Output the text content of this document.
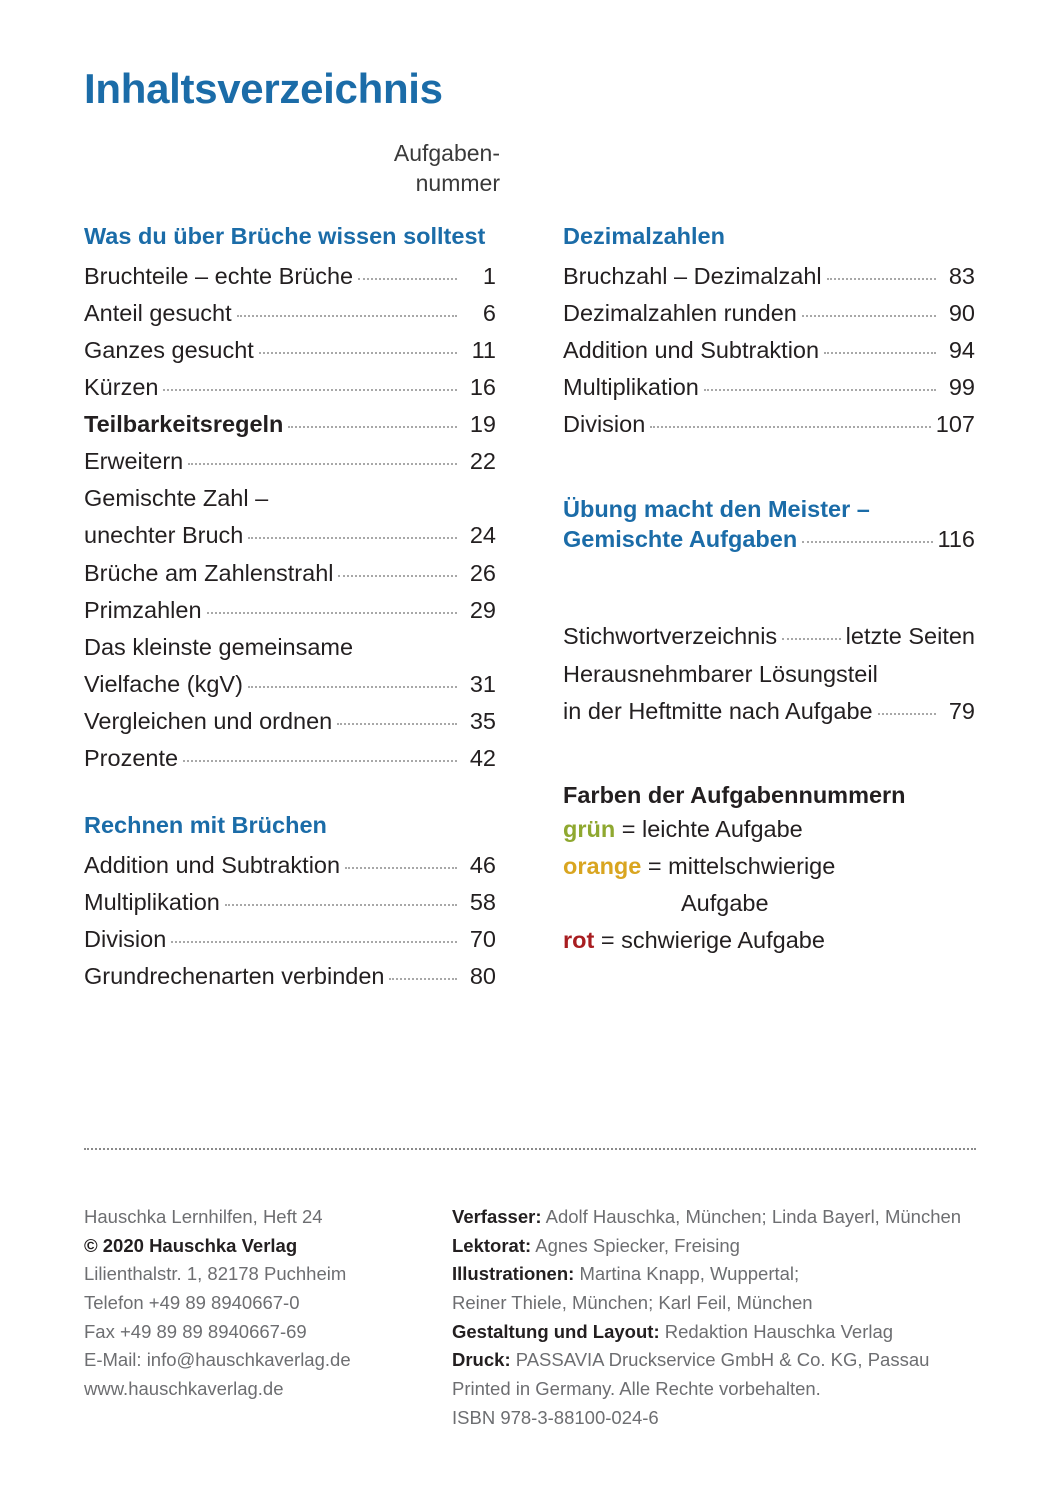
Inhaltsverzeichnis
Aufgaben-
nummer
Was du über Brüche wissen solltest
Bruchteile – echte Brüche	1
Anteil gesucht	6
Ganzes gesucht	11
Kürzen	16
Teilbarkeitsregeln	19
Erweitern	22
Gemischte Zahl –
unechter Bruch	24
Brüche am Zahlenstrahl	26
Primzahlen	29
Das kleinste gemeinsame
Vielfache (kgV)	31
Vergleichen und ordnen	35
Prozente	42
Rechnen mit Brüchen
Addition und Subtraktion	46
Multiplikation	58
Division	70
Grundrechenarten verbinden	80
Dezimalzahlen
Bruchzahl – Dezimalzahl	83
Dezimalzahlen runden	90
Addition und Subtraktion	94
Multiplikation	99
Division	107
Übung macht den Meister –
Gemischte Aufgaben	116
Stichwortverzeichnis	letzte Seiten
Herausnehmbarer Lösungsteil
in der Heftmitte nach Aufgabe	79
Farben der Aufgabennummern
grün = leichte Aufgabe
orange = mittelschwierige
Aufgabe
rot = schwierige Aufgabe
Hauschka Lernhilfen, Heft 24
© 2020 Hauschka Verlag
Lilienthalstr. 1, 82178 Puchheim
Telefon +49 89 8940667-0
Fax +49 89 89 8940667-69
E-Mail: info@hauschkaverlag.de
www.hauschkaverlag.de
Verfasser: Adolf Hauschka, München; Linda Bayerl, München
Lektorat: Agnes Spiecker, Freising
Illustrationen: Martina Knapp, Wuppertal;
Reiner Thiele, München; Karl Feil, München
Gestaltung und Layout: Redaktion Hauschka Verlag
Druck: PASSAVIA Druckservice GmbH & Co. KG, Passau
Printed in Germany. Alle Rechte vorbehalten.
ISBN 978-3-88100-024-6
